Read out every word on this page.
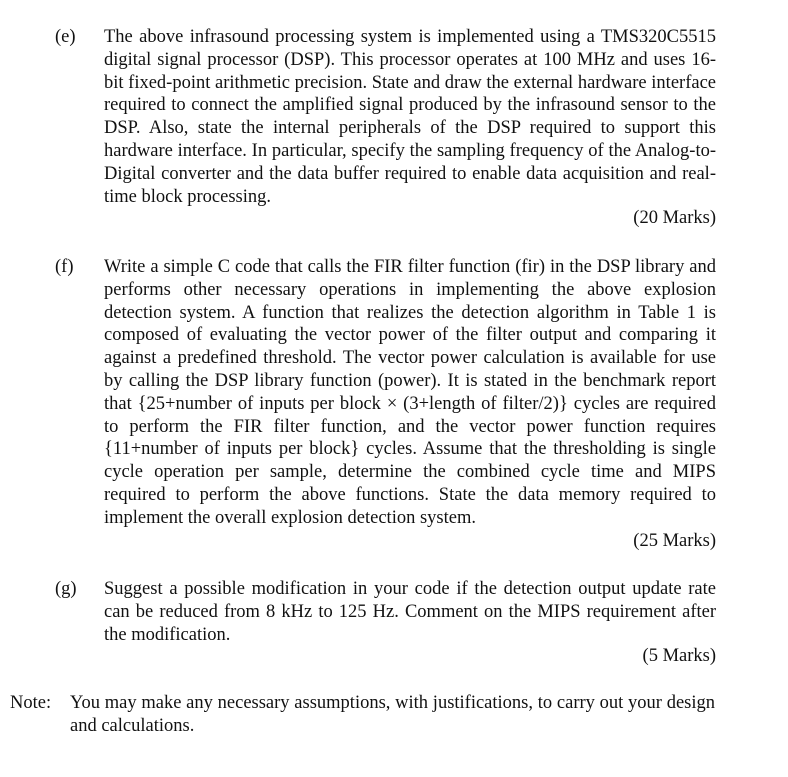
(e) The above infrasound processing system is implemented using a TMS320C5515 digital signal processor (DSP). This processor operates at 100 MHz and uses 16-bit fixed-point arithmetic precision. State and draw the external hardware interface required to connect the amplified signal produced by the infrasound sensor to the DSP. Also, state the internal peripherals of the DSP required to support this hardware interface. In particular, specify the sampling frequency of the Analog-to-Digital converter and the data buffer required to enable data acquisition and real-time block processing.
(20 Marks)
(f) Write a simple C code that calls the FIR filter function (fir) in the DSP library and performs other necessary operations in implementing the above explosion detection system. A function that realizes the detection algorithm in Table 1 is composed of evaluating the vector power of the filter output and comparing it against a predefined threshold. The vector power calculation is available for use by calling the DSP library function (power). It is stated in the benchmark report that {25+number of inputs per block × (3+length of filter/2)} cycles are required to perform the FIR filter function, and the vector power function requires {11+number of inputs per block} cycles. Assume that the thresholding is single cycle operation per sample, determine the combined cycle time and MIPS required to perform the above functions. State the data memory required to implement the overall explosion detection system.
(25 Marks)
(g) Suggest a possible modification in your code if the detection output update rate can be reduced from 8 kHz to 125 Hz. Comment on the MIPS requirement after the modification.
(5 Marks)
Note: You may make any necessary assumptions, with justifications, to carry out your design and calculations.
